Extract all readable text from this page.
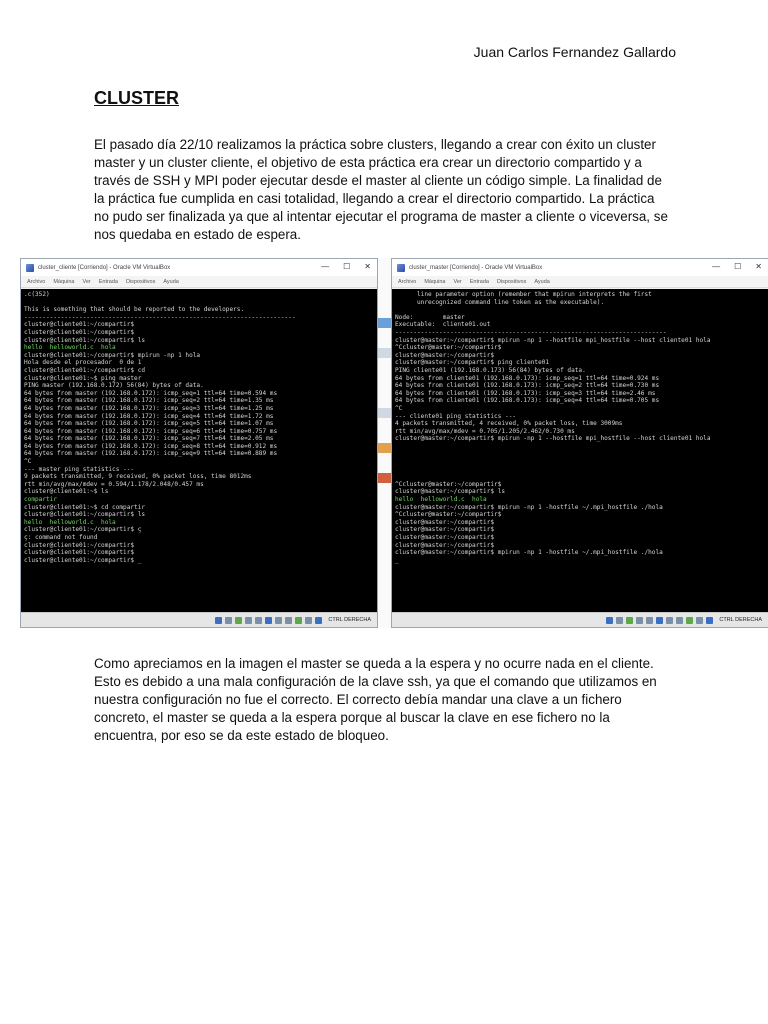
Juan Carlos Fernandez Gallardo
CLUSTER

El pasado día 22/10 realizamos la práctica sobre clusters, llegando a crear con éxito un cluster master y un cluster cliente, el objetivo de esta práctica era crear un directorio compartido y a través de SSH y MPI poder ejecutar desde el master al cliente un código simple. La finalidad de la práctica fue cumplida en casi totalidad, llegando a crear el directorio compartido. La práctica no pudo ser finalizada ya que al intentar ejecutar el programa de master a cliente o viceversa, se nos quedaba en estado de espera.

cluster_cliente [Corriendo] - Oracle VM VirtualBox	— ☐ ✕
Archivo Máquina Ver Entrada Dispositivos Ayuda
.c(352)
This is something that should be reported to the developers.
--------------------------------------------------------------------------
cluster@cliente01:~/compartir$
cluster@cliente01:~/compartir$
cluster@cliente01:~/compartir$ ls
hello  helloworld.c  hola
cluster@cliente01:~/compartir$ mpirun -np 1 hola
Hola desde el procesador  0 de 1
cluster@cliente01:~/compartir$ cd
cluster@cliente01:~$ ping master
PING master (192.168.0.172) 56(84) bytes of data.
64 bytes from master (192.168.0.172): icmp_seq=1 ttl=64 time=0.594 ms
64 bytes from master (192.168.0.172): icmp_seq=2 ttl=64 time=1.35 ms
64 bytes from master (192.168.0.172): icmp_seq=3 ttl=64 time=1.25 ms
64 bytes from master (192.168.0.172): icmp_seq=4 ttl=64 time=1.72 ms
64 bytes from master (192.168.0.172): icmp_seq=5 ttl=64 time=1.07 ms
64 bytes from master (192.168.0.172): icmp_seq=6 ttl=64 time=0.757 ms
64 bytes from master (192.168.0.172): icmp_seq=7 ttl=64 time=2.05 ms
64 bytes from master (192.168.0.172): icmp_seq=8 ttl=64 time=0.912 ms
64 bytes from master (192.168.0.172): icmp_seq=9 ttl=64 time=0.889 ms
^C
--- master ping statistics ---
9 packets transmitted, 9 received, 0% packet loss, time 8012ms
rtt min/avg/max/mdev = 0.594/1.178/2.048/0.457 ms
cluster@cliente01:~$ ls
compartir
cluster@cliente01:~$ cd compartir
cluster@cliente01:~/compartir$ ls
hello  helloworld.c  hola
cluster@cliente01:~/compartir$ ç
ç: command not found
cluster@cliente01:~/compartir$
cluster@cliente01:~/compartir$
cluster@cliente01:~/compartir$ _
CTRL DERECHA
cluster_master [Corriendo] - Oracle VM VirtualBox	— ☐ ✕
Archivo Máquina Ver Entrada Dispositivos Ayuda
line parameter option (remember that mpirun interprets the first
unrecognized command line token as the executable).
Node:        master
Executable:  cliente01.out
--------------------------------------------------------------------------
cluster@master:~/compartir$ mpirun -np 1 --hostfile mpi_hostfile --host cliente01 hola
^Ccluster@master:~/compartir$
cluster@master:~/compartir$
cluster@master:~/compartir$ ping cliente01
PING cliente01 (192.168.0.173) 56(84) bytes of data.
64 bytes from cliente01 (192.168.0.173): icmp_seq=1 ttl=64 time=0.924 ms
64 bytes from cliente01 (192.168.0.173): icmp_seq=2 ttl=64 time=0.730 ms
64 bytes from cliente01 (192.168.0.173): icmp_seq=3 ttl=64 time=2.46 ms
64 bytes from cliente01 (192.168.0.173): icmp_seq=4 ttl=64 time=0.705 ms
^C
--- cliente01 ping statistics ---
4 packets transmitted, 4 received, 0% packet loss, time 3009ms
rtt min/avg/max/mdev = 0.705/1.205/2.462/0.730 ms
cluster@master:~/compartir$ mpirun -np 1 --hostfile mpi_hostfile --host cliente01 hola
^Ccluster@master:~/compartir$
cluster@master:~/compartir$ ls
hello  helloworld.c  hola
cluster@master:~/compartir$ mpirun -np 1 -hostfile ~/.mpi_hostfile ./hola
^Ccluster@master:~/compartir$
cluster@master:~/compartir$
cluster@master:~/compartir$
cluster@master:~/compartir$
cluster@master:~/compartir$
cluster@master:~/compartir$ mpirun -np 1 -hostfile ~/.mpi_hostfile ./hola
_
CTRL DERECHA

Como apreciamos en la imagen el master se queda a la espera y no ocurre nada en el cliente. Esto es debido a una mala configuración de la clave ssh, ya que el comando que utilizamos en nuestra configuración no fue el correcto. El correcto debía mandar una clave a un fichero concreto, el master se queda a la espera porque al buscar la clave en ese fichero no la encuentra, por eso se da este estado de bloqueo.
